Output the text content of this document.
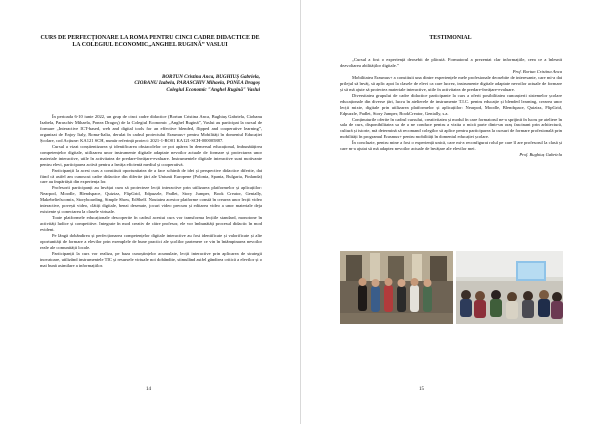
CURS DE PERFECȚIONARE LA ROMA PENTRU CINCI CADRE DIDACTICE DE LA COLEGIUL ECONOMIC„ANGHEL RUGINĂ” VASLUI
BORTUN Cristina Anca, BUGHIUȘ Gabriela,
CIOBANU Izabela, PARASCHIV Mihaela, PONEA Dragoș
Colegiul Economic "Anghel Rugină" Vaslui

În perioada 6-10 iunie 2022, un grup de cinci cadre didactice (Bortun Cristina Anca, Bughiuș Gabriela, Ciobanu Izabela, Paraschiv Mihaela, Ponea Dragoș) de la Colegiul Economic „Anghel Rugină”, Vaslui au participat la cursul de formare „Interactive ICT-based, web and digital tools for an effective blended, flipped and cooperative learning”, organizat de Enjoy Italy, Roma-Italia, derulat în cadrul proiectului Erasmus+ pentru Mobilități în domeniul Educației Școlare, cod Acțiune: KA121 SCH, număr referință proiect: 2021-1-RO01 KA121-SCH-000005887.

Cursul a vizat conștientizarea și identificarea obstacolelor ce pot apărea în demersul educațional, îmbunătățirea competențelor digitale, utilizarea unor instrumente digitale adaptate nevoilor actuale de formare și proiectarea unor materiale interactive, utile în activitatea de predare-învățare-evaluare. Instrumentele digitale interactive sunt motivante pentru elevi, participarea activă pentru a învăța eficientă mediul și cooperativă.

Participanții la acest curs a constituit oportunitatea de a face schimb de idei și perspective didactice diferite, dat fiind că astfel am cunoscut cadre didactice din diferite țări ale Uniunii Europene (Polonia, Spania, Bulgaria, Finlanda) care au împărtășit din experiența lor.

Profesorii participanți au învățat cum să proiecteze lecții interactive prin utilizarea platformelor și aplicațiilor: Nearpod, Moodle, Blendspace, Quizizz, FlipGrid, Edpuzzle, Padlet, Story Jumper, Book Creator, Genially, Makebeliefscomix, Storyboarding, Simple Show, EdShelf. Noutatea acestor platforme constă în crearea unor lecții video interactive, povești video, clătiți digitale, benzi desenate, jocuri video precum și editarea video a unor materiale deja existente și conectarea la clasele virtuale.

Toate platformele educaționale descoperite în cadrul acestui curs vor transforma lecțiile standard, monotone în activități ludice și competitive. Integrate în mod creativ de către profesor, ele vor îmbunătăți procesul didactic în mod evident.

Pe lângă dobândirea și perfecționarea competențelor digitale interactive au fost identificate și valorificate și alte oportunități de formare a elevilor prin exemplele de bune practici ale școlilor partenere ce vin în întâmpinarea nevoilor reale ale comunității locale.

Participanții la curs vor realiza, pe baza cunoștințelor acumulate, lecții interactive prin aplicarea de strategii inovatoare, utilizând instrumentele TIC și resursele virtuale noi dobândite, stimulând astfel gândirea critică a elevilor și o mai bună asimilare a informațiilor.

14
TESTIMONIAL

„Cursul a fost o experiență deosebit de plăcută. Formatorul a prezentat clar informațiile, ceea ce a înlesnit dezvoltarea abilităților digitale.”

Prof. Bortun Cristina Anca

Mobilitatea Erasmus+ a constituit una dintre experiențele mele profesionale deosebite de interesante, care mi-a dat prilejul să învăț, să aplic apoi la clasele de elevi ca care lucrez, instrumente digitale adaptate nevoilor actuale de formare și să mă ajute să proiectez materiale interactive, utile în activitatea de predare-învățare-evaluare.

Diversitatea grupului de cadre didactice participante la curs a oferit posibilitatea cunoașterii sistemelor școlare educaționale din diverse țări, lucru în atelierele de instrumente T.I.C. pentru educație și blended learning, crearea unor lecții mixte, digitale prin utilizarea platformelor și aplicațiilor: Nearpod, Moodle, Blendspace, Quizizz, FlipGrid, Edpuzzle, Padlet, Story Jumper, BookCreator, Genially, s.a.

Conținuturile oferite în cadrul cursului, creativitatea și modul în care formatorul ne-a sprijinit în lucru pe ateliere în sala de curs, disponibilitatea sa de a ne conduce pentru a vizita o mică parte dintr-un oraș fascinant prin arhitectură, cultură și istorie, mă determină să recomand colegilor să aplice pentru participarea la cursuri de formare profesională prin mobilități în programul Erasmus+ pentru mobilități în domeniul educației școlare.

În concluzie, pentru mine a fost o experiență unică, care mi-a reconfigurat rolul pe care îl are profesorul la clasă și care m-a ajutat să mă adaptez nevoilor actuale de învățare ale elevilor mei.

Prof. Bughiuș Gabriela

15
